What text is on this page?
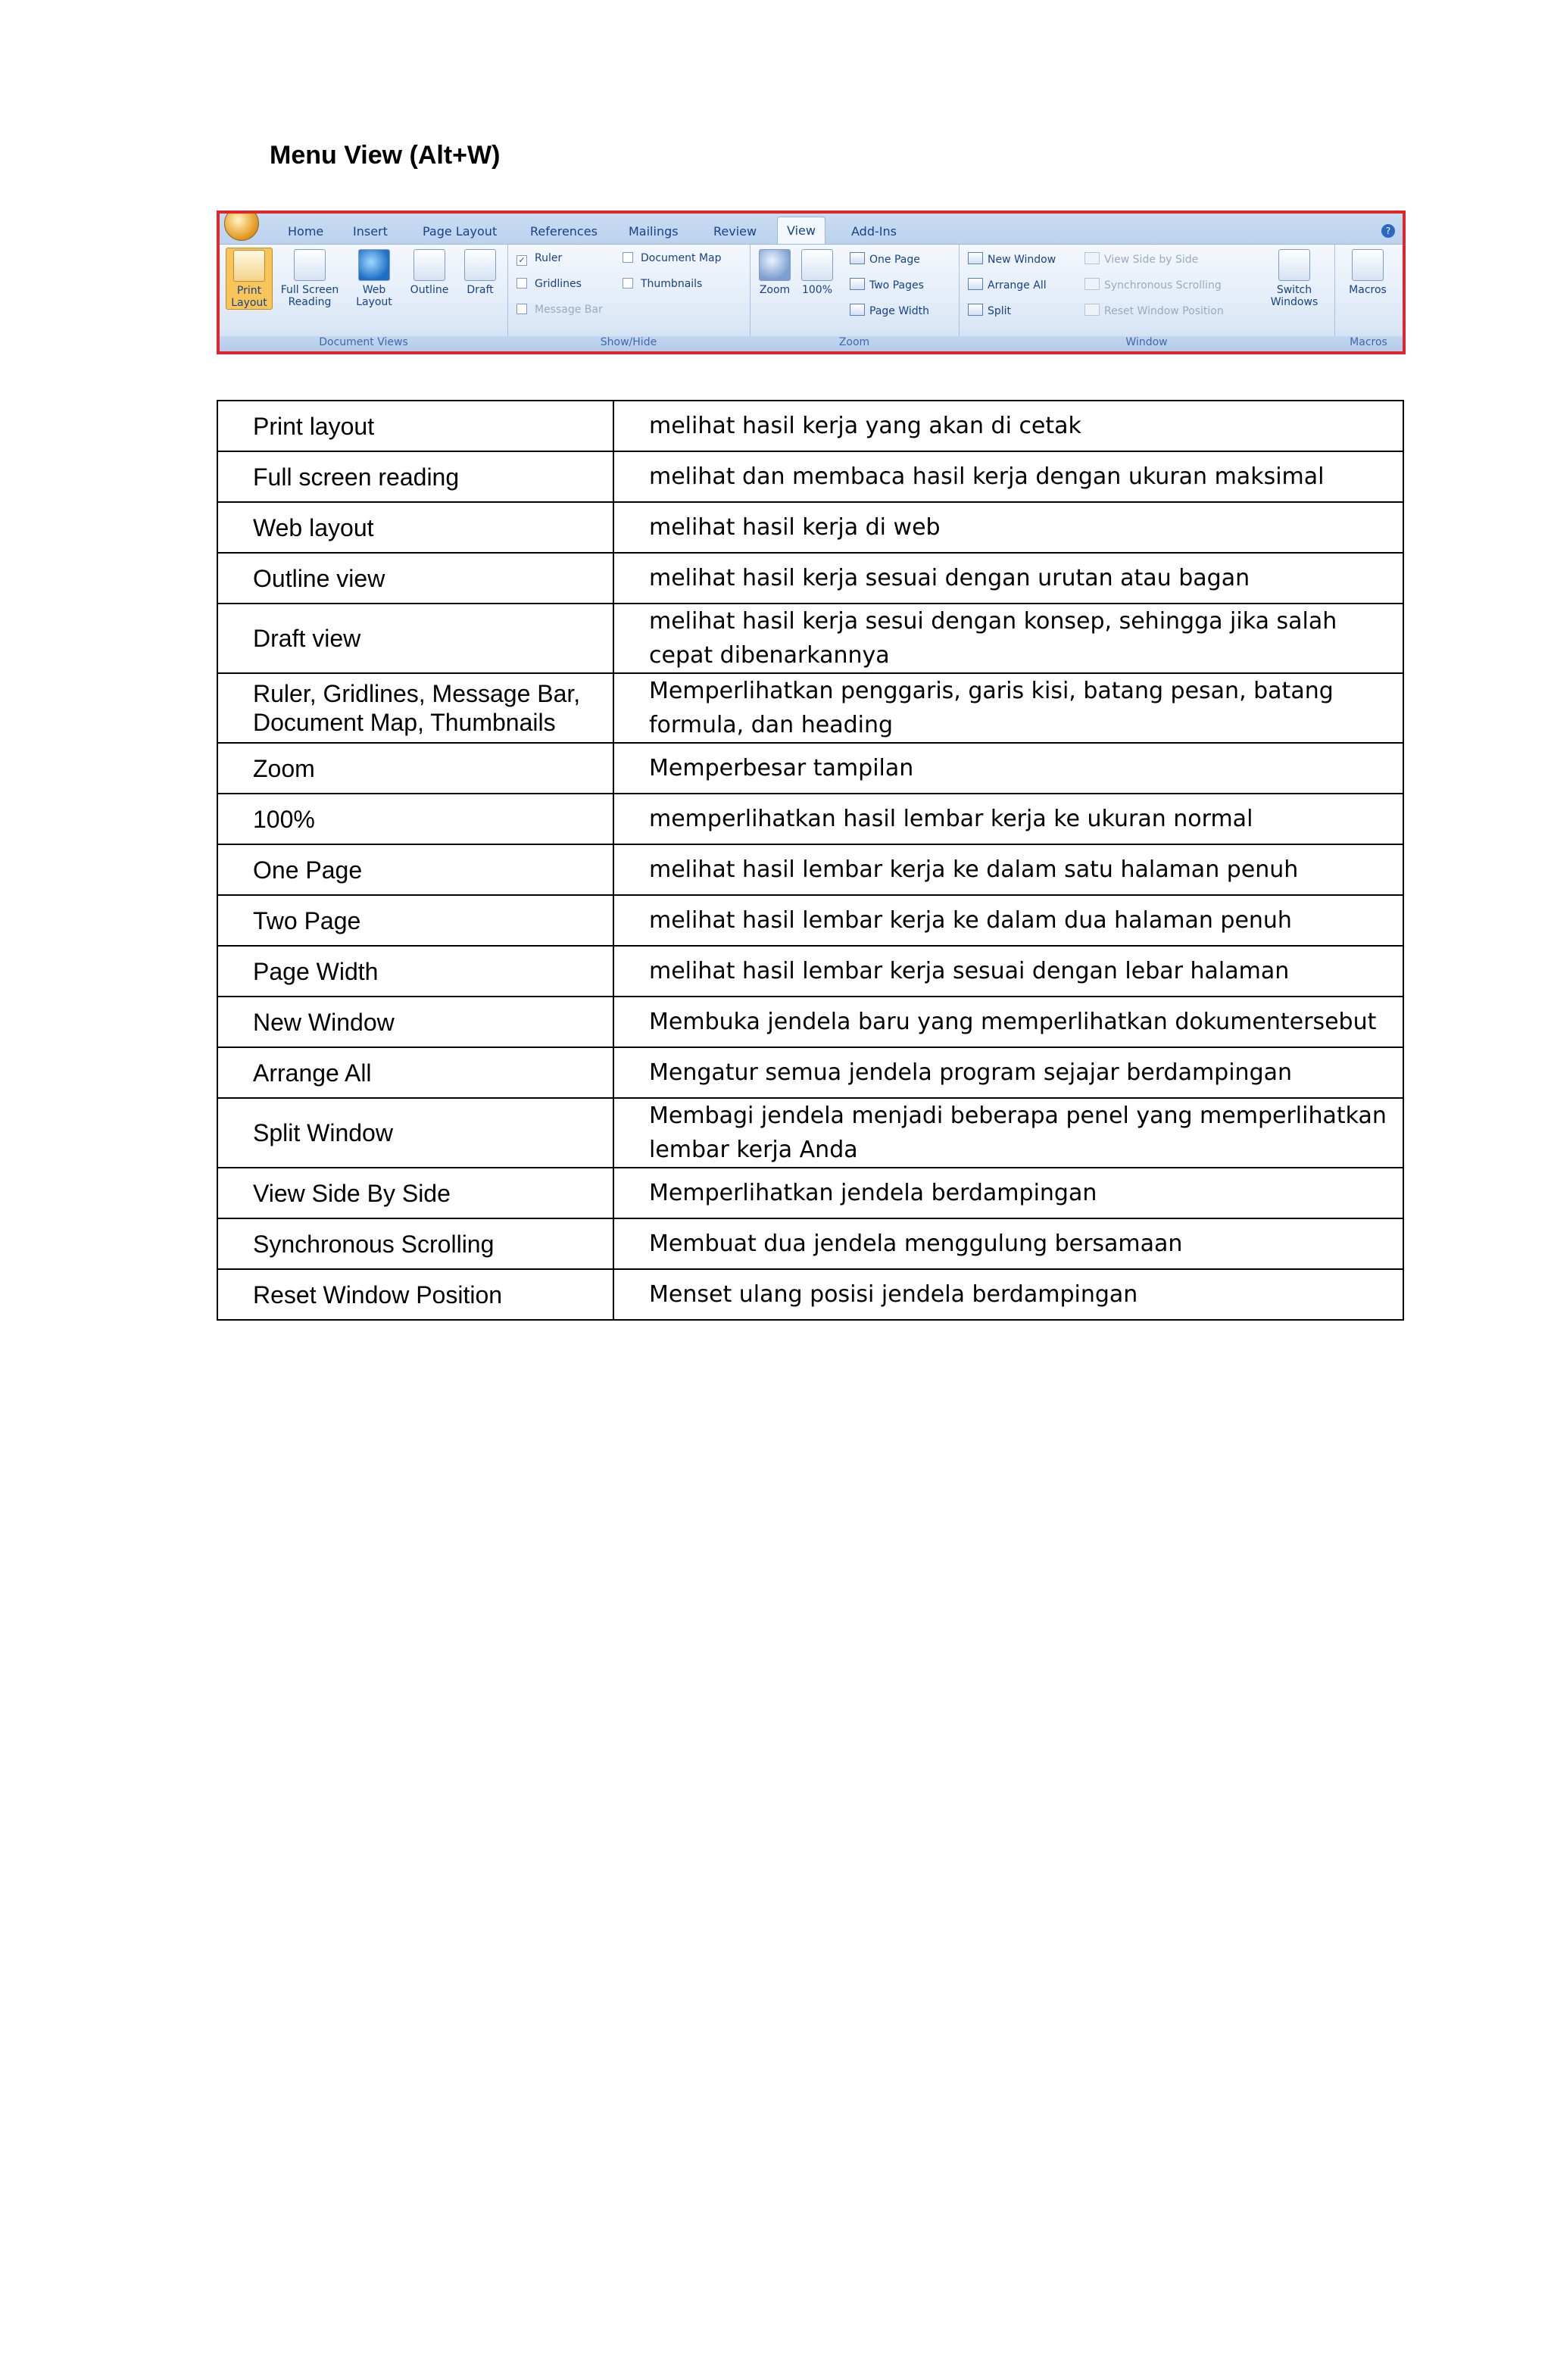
Menu View (Alt+W)
Home Insert	Page Layout	References	Mailings	Review	View	Add-Ins	?
Print Layout
Full Screen Reading
Web Layout
Outline	Draft
Document Views
✓ Ruler
Gridlines
Message Bar
Document Map
Thumbnails
Show/Hide
Zoom	100%
One Page
Two Pages
Page Width
Zoom
New Window
Arrange All
Split
View Side by Side
Synchronous Scrolling
Reset Window Position
Switch Windows
Window
Macros
Macros
Print layout	melihat hasil kerja yang akan di cetak
Full screen reading	melihat dan membaca hasil kerja dengan ukuran maksimal
Web layout	melihat hasil kerja di web
Outline view	melihat hasil kerja sesuai dengan urutan atau bagan
Draft view	melihat hasil kerja sesui dengan konsep, sehingga jika salah cepat dibenarkannya
Ruler, Gridlines, Message Bar, Document Map, Thumbnails	Memperlihatkan penggaris, garis kisi, batang pesan, batang formula, dan heading
Zoom	Memperbesar tampilan
100%	memperlihatkan hasil lembar kerja ke ukuran normal
One Page	melihat hasil lembar kerja ke dalam satu halaman penuh
Two Page	melihat hasil lembar kerja ke dalam dua halaman penuh
Page Width	melihat hasil lembar kerja sesuai dengan lebar halaman
New Window	Membuka jendela baru yang memperlihatkan dokumentersebut
Arrange All	Mengatur semua jendela program sejajar berdampingan
Split Window	Membagi jendela menjadi beberapa penel yang memperlihatkan lembar kerja Anda
View Side By Side	Memperlihatkan jendela berdampingan
Synchronous Scrolling	Membuat dua jendela menggulung bersamaan
Reset Window Position	Menset ulang posisi jendela berdampingan
